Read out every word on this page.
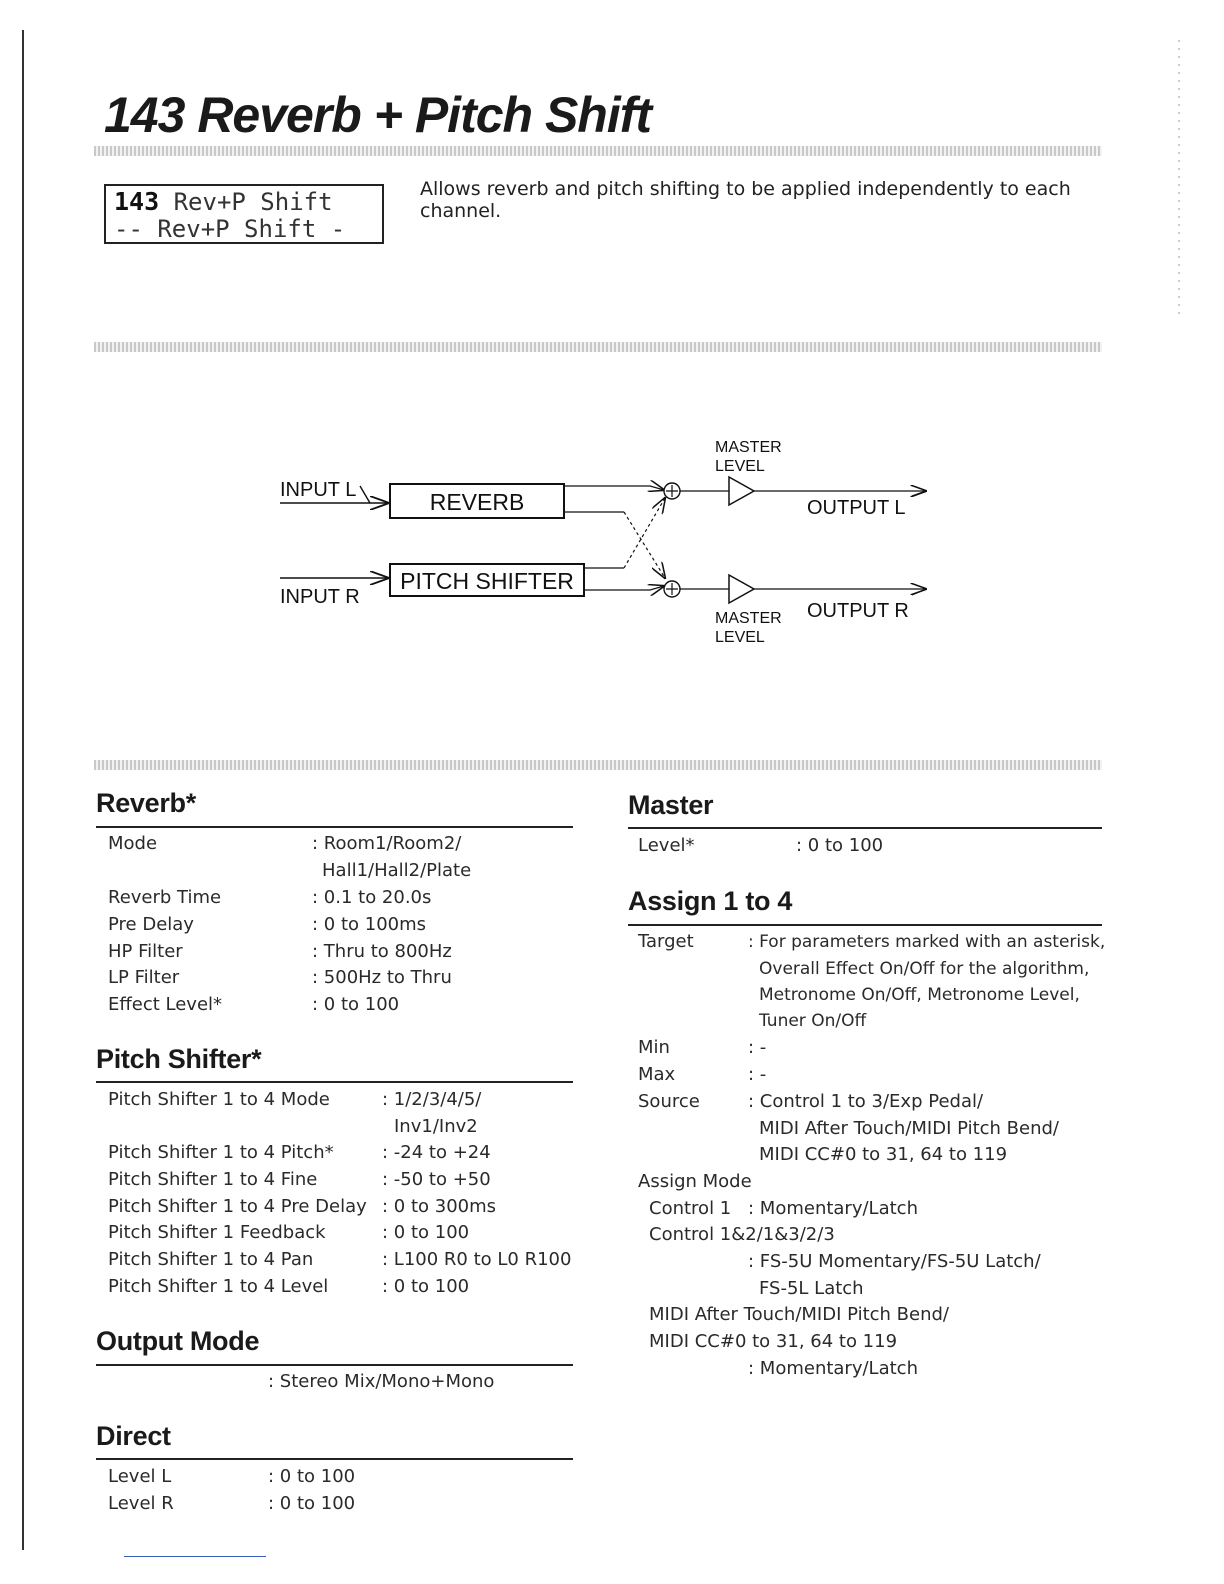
143 Reverb + Pitch Shift
143 Rev+P Shift
-- Rev+P Shift -
Allows reverb and pitch shifting to be applied independently to each channel.
INPUT L	REVERB
INPUT R
PITCH SHIFTER
MASTER
LEVEL
OUTPUT L
OUTPUT R
MASTER
LEVEL
Reverb*
Mode	: Room1/Room2/
Hall1/Hall2/Plate
Reverb Time	: 0.1 to 20.0s
Pre Delay	: 0 to 100ms
HP Filter	: Thru to 800Hz
LP Filter	: 500Hz to Thru
Effect Level*	: 0 to 100
Pitch Shifter*
Pitch Shifter 1 to 4 Mode	: 1/2/3/4/5/
Inv1/Inv2
Pitch Shifter 1 to 4 Pitch*	: -24 to +24
Pitch Shifter 1 to 4 Fine	: -50 to +50
Pitch Shifter 1 to 4 Pre Delay : 0 to 300ms
Pitch Shifter 1 Feedback	: 0 to 100
Pitch Shifter 1 to 4 Pan	: L100 R0 to L0 R100
Pitch Shifter 1 to 4 Level	: 0 to 100
Output Mode
: Stereo Mix/Mono+Mono
Direct
Level L	: 0 to 100
Level R	: 0 to 100
Master
Level*	: 0 to 100
Assign 1 to 4
Target	: For parameters marked with an asterisk,
Overall Effect On/Off for the algorithm,
Metronome On/Off, Metronome Level,
Tuner On/Off
Min	: -
Max	: -
Source	: Control 1 to 3/Exp Pedal/
MIDI After Touch/MIDI Pitch Bend/
MIDI CC#0 to 31, 64 to 119
Assign Mode
Control 1 : Momentary/Latch
Control 1&2/1&3/2/3
: FS-5U Momentary/FS-5U Latch/
FS-5L Latch
MIDI After Touch/MIDI Pitch Bend/
MIDI CC#0 to 31, 64 to 119
: Momentary/Latch
